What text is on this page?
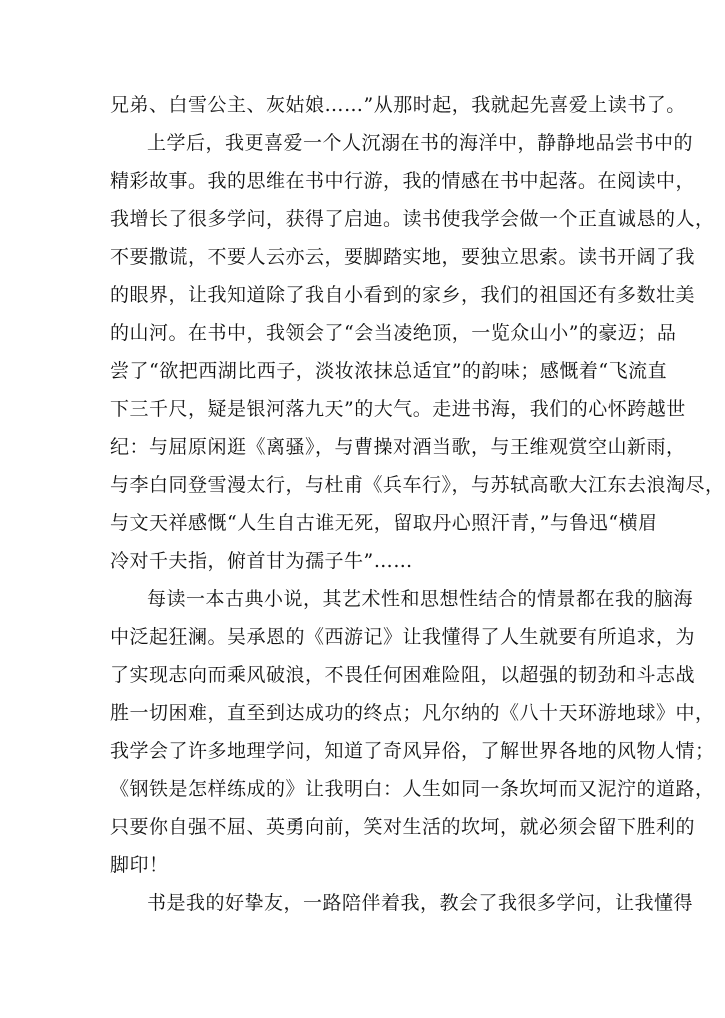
兄弟、白雪公主、灰姑娘……”从那时起，我就起先喜爱上读书了。
上学后，我更喜爱一个人沉溺在书的海洋中，静静地品尝书中的
精彩故事。我的思维在书中行游，我的情感在书中起落。在阅读中，
我增长了很多学问，获得了启迪。读书使我学会做一个正直诚恳的人，
不要撒谎，不要人云亦云，要脚踏实地，要独立思索。读书开阔了我
的眼界，让我知道除了我自小看到的家乡，我们的祖国还有多数壮美
的山河。在书中，我领会了“会当凌绝顶，一览众山小”的豪迈；品
尝了“欲把西湖比西子，淡妆浓抹总适宜”的韵味；感慨着“飞流直
下三千尺，疑是银河落九天”的大气。走进书海，我们的心怀跨越世
纪：与屈原闲逛《离骚》，与曹操对酒当歌，与王维观赏空山新雨，
与李白同登雪漫太行，与杜甫《兵车行》，与苏轼高歌大江东去浪淘尽，
与文天祥感慨“人生自古谁无死，留取丹心照汗青，”与鲁迅“横眉
冷对千夫指，俯首甘为孺子牛”……
每读一本古典小说，其艺术性和思想性结合的情景都在我的脑海
中泛起狂澜。吴承恩的《西游记》让我懂得了人生就要有所追求，为
了实现志向而乘风破浪，不畏任何困难险阻，以超强的韧劲和斗志战
胜一切困难，直至到达成功的终点；凡尔纳的《八十天环游地球》中，
我学会了许多地理学问，知道了奇风异俗，了解世界各地的风物人情；
《钢铁是怎样练成的》让我明白：人生如同一条坎坷而又泥泞的道路，
只要你自强不屈、英勇向前，笑对生活的坎坷，就必须会留下胜利的
脚印！
书是我的好挚友，一路陪伴着我，教会了我很多学问，让我懂得
